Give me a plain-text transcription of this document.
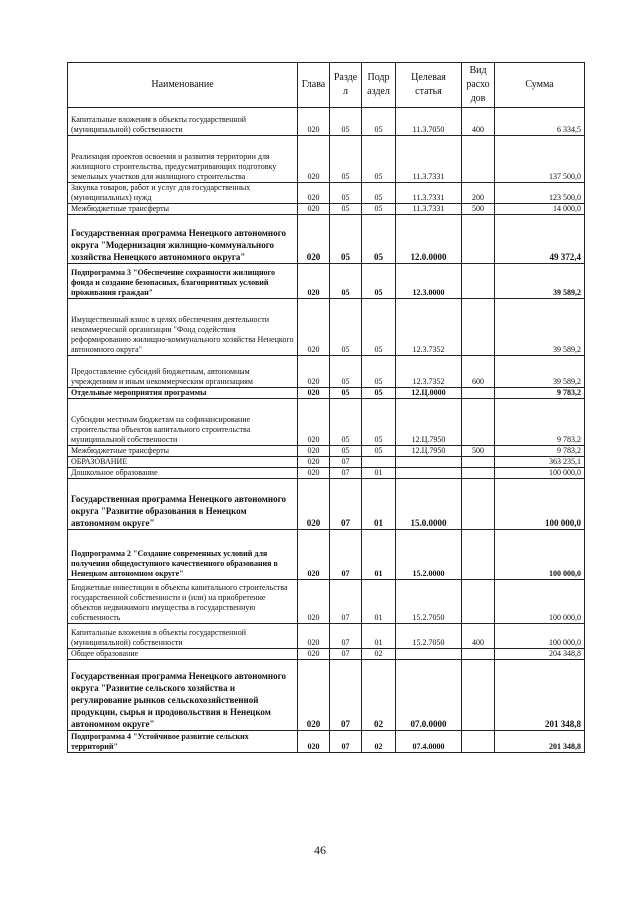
Наименование	Глава	Разде л	Подр аздел	Целевая статья	Вид расхо дов	Сумма
Капитальные вложения в объекты государственной (муниципальной) собственности	020	05	05	11.3.7050	400	6 334,5
Реализация проектов освоения и развития территории для жилищного строительства, предусматривающих подготовку земельных участков для жилищного строительства	020	05	05	11.3.7331		137 500,0
Закупка товаров, работ и услуг для государственных (муниципальных) нужд	020	05	05	11.3.7331	200	123 500,0
Межбюджетные трансферты	020	05	05	11.3.7331	500	14 000,0
Государственная программа Ненецкого автономного округа "Модернизация жилищно-коммунального хозяйства Ненецкого автономного округа"	020	05	05	12.0.0000		49 372,4
Подпрограмма 3 "Обеспечение сохранности жилищного фонда и создание безопасных, благоприятных условий проживания граждан"	020	05	05	12.3.0000		39 589,2
Имущественный взнос в целях обеспечения деятельности некоммерческой организации "Фонд содействия реформированию жилищно-коммунального хозяйства Ненецкого автономного округа"	020	05	05	12.3.7352		39 589,2
Предоставление субсидий бюджетным, автономным учреждениям и иным некоммерческим организациям	020	05	05	12.3.7352	600	39 589,2
Отдельные мероприятия программы	020	05	05	12.Ц.0000		9 783,2
Субсидии местным бюджетам на софинансирование строительства объектов капитального строительства муниципальной собственности	020	05	05	12.Ц.7950		9 783,2
Межбюджетные трансферты	020	05	05	12.Ц.7950	500	9 783,2
ОБРАЗОВАНИЕ	020	07				363 235,1
Дошкольное образование	020	07	01			100 000,0
Государственная программа Ненецкого автономного округа "Развитие образования в Ненецком автономном округе"	020	07	01	15.0.0000		100 000,0
Подпрограмма 2 "Создание современных условий для получения общедоступного качественного образования в Ненецком автономном округе"	020	07	01	15.2.0000		100 000,0
Бюджетные инвестиции в объекты капитального строительства государственной собственности и (или) на приобретение объектов недвижимого имущества в государственную собственность	020	07	01	15.2.7050		100 000,0
Капитальные вложения в объекты государственной (муниципальной) собственности	020	07	01	15.2.7050	400	100 000,0
Общее образование	020	07	02			204 348,8
Государственная программа Ненецкого автономного округа "Развитие сельского хозяйства и регулирование рынков сельскохозяйственной продукции, сырья и продовольствия в Ненецком автономном округе"	020	07	02	07.0.0000		201 348,8
Подпрограмма 4 "Устойчивое развитие сельских территорий"	020	07	02	07.4.0000		201 348,8
46
